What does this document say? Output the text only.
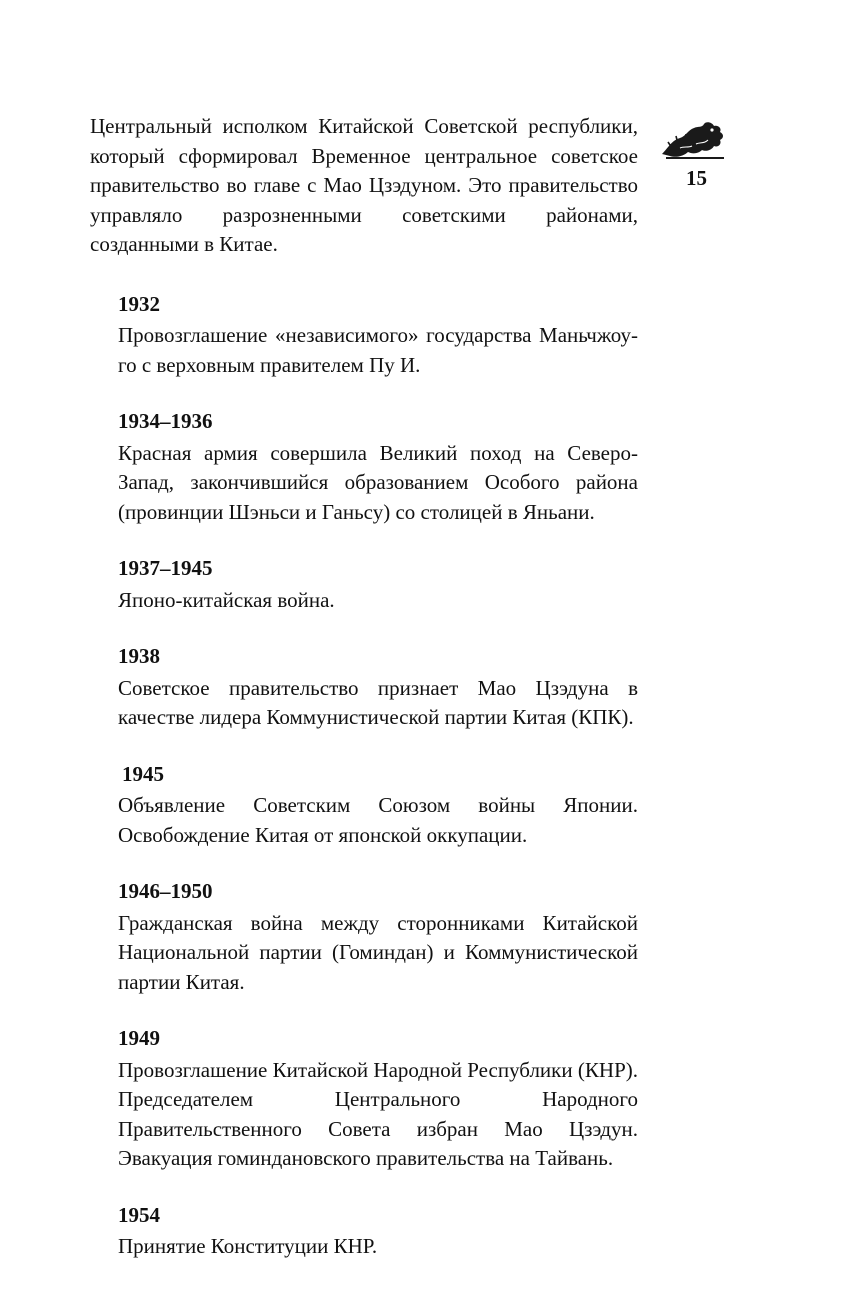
15

Центральный исполком Китайской Советской республики, который сформировал Временное центральное советское правительство во главе с Мао Цзэдуном. Это правительство управляло разрозненными советскими районами, созданными в Китае.

1932

Провозглашение «независимого» государства Маньчжоу-го с верховным правителем Пу И.

1934–1936

Красная армия совершила Великий поход на Северо-Запад, закончившийся образованием Особого района (провинции Шэньси и Ганьсу) со столицей в Яньани.

1937–1945

Японо-китайская война.

1938

Советское правительство признает Мао Цзэдуна в качестве лидера Коммунистической партии Китая (КПК).

1945

Объявление Советским Союзом войны Японии. Освобождение Китая от японской оккупации.

1946–1950

Гражданская война между сторонниками Китайской Национальной партии (Гоминдан) и Коммунистической партии Китая.

1949

Провозглашение Китайской Народной Республики (КНР). Председателем Центрального Народного Правительственного Совета избран Мао Цзэдун. Эвакуация гоминдановского правительства на Тайвань.

1954

Принятие Конституции КНР.
